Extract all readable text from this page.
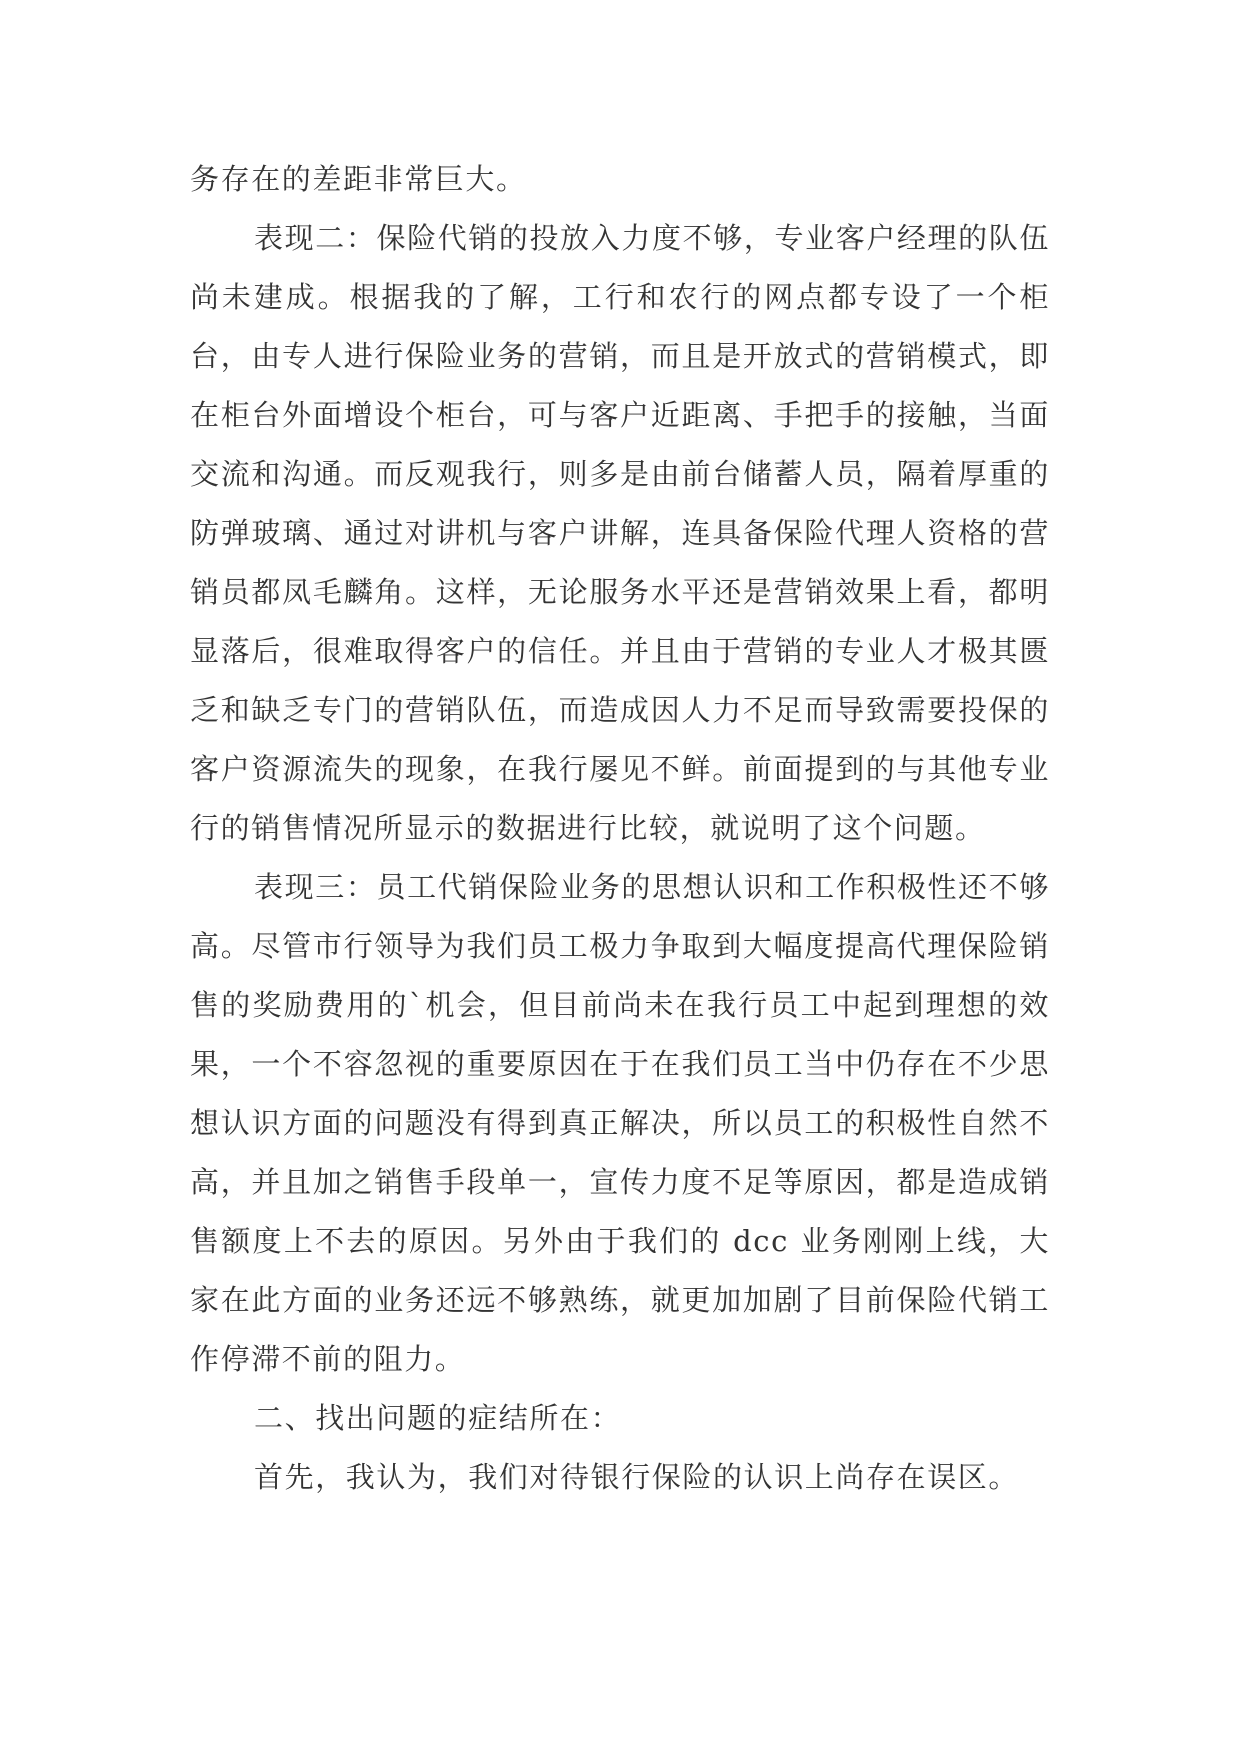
务存在的差距非常巨大。

表现二：保险代销的投放入力度不够，专业客户经理的队伍尚未建成。根据我的了解，工行和农行的网点都专设了一个柜台，由专人进行保险业务的营销，而且是开放式的营销模式，即在柜台外面增设个柜台，可与客户近距离、手把手的接触，当面交流和沟通。而反观我行，则多是由前台储蓄人员，隔着厚重的防弹玻璃、通过对讲机与客户讲解，连具备保险代理人资格的营销员都凤毛麟角。这样，无论服务水平还是营销效果上看，都明显落后，很难取得客户的信任。并且由于营销的专业人才极其匮乏和缺乏专门的营销队伍，而造成因人力不足而导致需要投保的客户资源流失的现象，在我行屡见不鲜。前面提到的与其他专业行的销售情况所显示的数据进行比较，就说明了这个问题。

表现三：员工代销保险业务的思想认识和工作积极性还不够高。尽管市行领导为我们员工极力争取到大幅度提高代理保险销售的奖励费用的`机会，但目前尚未在我行员工中起到理想的效果，一个不容忽视的重要原因在于在我们员工当中仍存在不少思想认识方面的问题没有得到真正解决，所以员工的积极性自然不高，并且加之销售手段单一，宣传力度不足等原因，都是造成销售额度上不去的原因。另外由于我们的 dcc 业务刚刚上线，大家在此方面的业务还远不够熟练，就更加加剧了目前保险代销工作停滞不前的阻力。

二、找出问题的症结所在：

首先，我认为，我们对待银行保险的认识上尚存在误区。
